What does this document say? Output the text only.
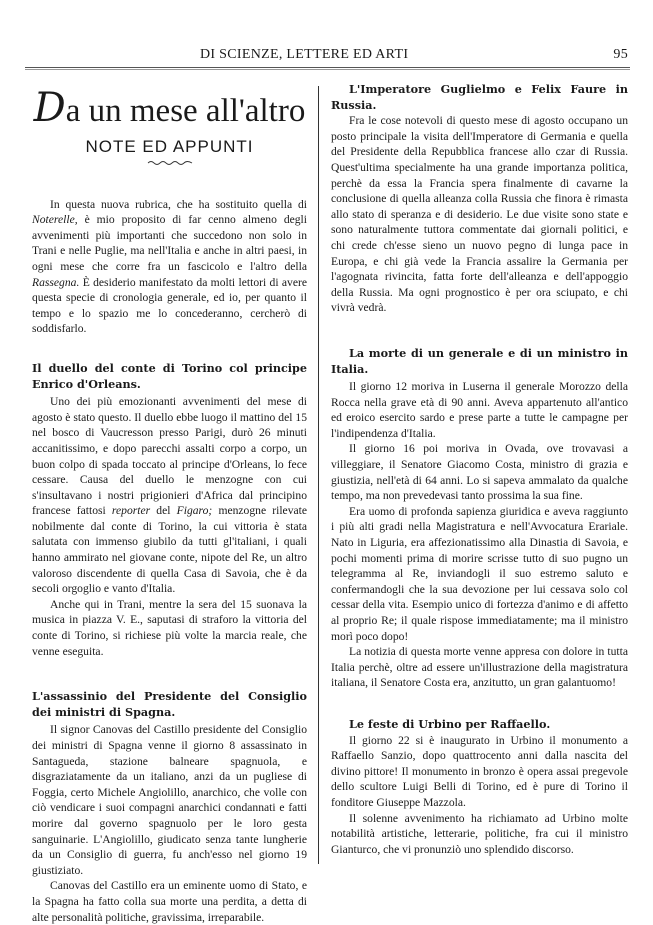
DI SCIENZE, LETTERE ED ARTI	95
Da un mese all'altro
NOTE ED APPUNTI

In questa nuova rubrica, che ha sostituito quella di Noterelle, è mio proposito di far cenno almeno degli avvenimenti più importanti che succedono non solo in Trani e nelle Puglie, ma nell'Italia e anche in altri paesi, in ogni mese che corre fra un fascicolo e l'altro della Rassegna. È desiderio manifestato da molti lettori di avere questa specie di cronologia generale, ed io, per quanto il tempo e lo spazio me lo concederanno, cercherò di soddisfarlo.

Il duello del conte di Torino col principe Enrico d'Orleans.

Uno dei più emozionanti avvenimenti del mese di agosto è stato questo. Il duello ebbe luogo il mattino del 15 nel bosco di Vaucresson presso Parigi, durò 26 minuti accanitissimo, e dopo parecchi assalti corpo a corpo, un buon colpo di spada toccato al principe d'Orleans, lo fece cessare. Causa del duello le menzogne con cui s'insultavano i nostri prigionieri d'Africa dal principino francese fattosi reporter del Figaro; menzogne rilevate nobilmente dal conte di Torino, la cui vittoria è stata salutata con immenso giubilo da tutti gl'italiani, i quali hanno ammirato nel giovane conte, nipote del Re, un altro valoroso discendente di quella Casa di Savoia, che è da secoli orgoglio e vanto d'Italia.

Anche qui in Trani, mentre la sera del 15 suonava la musica in piazza V. E., saputasi di straforo la vittoria del conte di Torino, si richiese più volte la marcia reale, che venne eseguita.

L'assassinio del Presidente del Consiglio dei ministri di Spagna.

Il signor Canovas del Castillo presidente del Consiglio dei ministri di Spagna venne il giorno 8 assassinato in Santagueda, stazione balneare spagnuola, e disgraziatamente da un italiano, anzi da un pugliese di Foggia, certo Michele Angiolillo, anarchico, che volle con ciò vendicare i suoi compagni anarchici condannati e fatti morire dal governo spagnuolo per le loro gesta sanguinarie. L'Angiolillo, giudicato senza tante lungherie da un Consiglio di guerra, fu anch'esso nel giorno 19 giustiziato.

Canovas del Castillo era un eminente uomo di Stato, e la Spagna ha fatto colla sua morte una perdita, a detta di alte personalità politiche, gravissima, irreparabile.

L'Imperatore Guglielmo e Felix Faure in Russia.

Fra le cose notevoli di questo mese di agosto occupano un posto principale la visita dell'Imperatore di Germania e quella del Presidente della Repubblica francese allo czar di Russia. Quest'ultima specialmente ha una grande importanza politica, perchè da essa la Francia spera finalmente di cavarne la conclusione di quella alleanza colla Russia che finora è rimasta allo stato di speranza e di desiderio. Le due visite sono state e sono naturalmente tuttora commentate dai giornali politici, e chi crede ch'esse sieno un nuovo pegno di lunga pace in Europa, e chi già vede la Francia assalire la Germania per l'agognata rivincita, fatta forte dell'alleanza e dell'appoggio della Russia. Ma ogni prognostico è per ora sciupato, e chi vivrà vedrà.

La morte di un generale e di un ministro in Italia.

Il giorno 12 moriva in Luserna il generale Morozzo della Rocca nella grave età di 90 anni. Aveva appartenuto all'antico ed eroico esercito sardo e prese parte a tutte le campagne per l'indipendenza d'Italia.

Il giorno 16 poi moriva in Ovada, ove trovavasi a villeggiare, il Senatore Giacomo Costa, ministro di grazia e giustizia, nell'età di 64 anni. Lo si sapeva ammalato da qualche tempo, ma non prevedevasi tanto prossima la sua fine.

Era uomo di profonda sapienza giuridica e aveva raggiunto i più alti gradi nella Magistratura e nell'Avvocatura Erariale. Nato in Liguria, era affezionatissimo alla Dinastia di Savoia, e pochi momenti prima di morire scrisse tutto di suo pugno un telegramma al Re, inviandogli il suo estremo saluto e confermandogli che la sua devozione per lui cessava solo col cessar della vita. Esempio unico di fortezza d'animo e di affetto al proprio Re; il quale rispose immediatamente; ma il ministro morì poco dopo!

La notizia di questa morte venne appresa con dolore in tutta Italia perchè, oltre ad essere un'illustrazione della magistratura italiana, il Senatore Costa era, anzitutto, un gran galantuomo!

Le feste di Urbino per Raffaello.

Il giorno 22 si è inaugurato in Urbino il monumento a Raffaello Sanzio, dopo quattrocento anni dalla nascita del divino pittore! Il monumento in bronzo è opera assai pregevole dello scultore Luigi Belli di Torino, ed è pure di Torino il fonditore Giuseppe Mazzola.

Il solenne avvenimento ha richiamato ad Urbino molte notabilità artistiche, letterarie, politiche, fra cui il ministro Gianturco, che vi pronunziò uno splendido discorso.
